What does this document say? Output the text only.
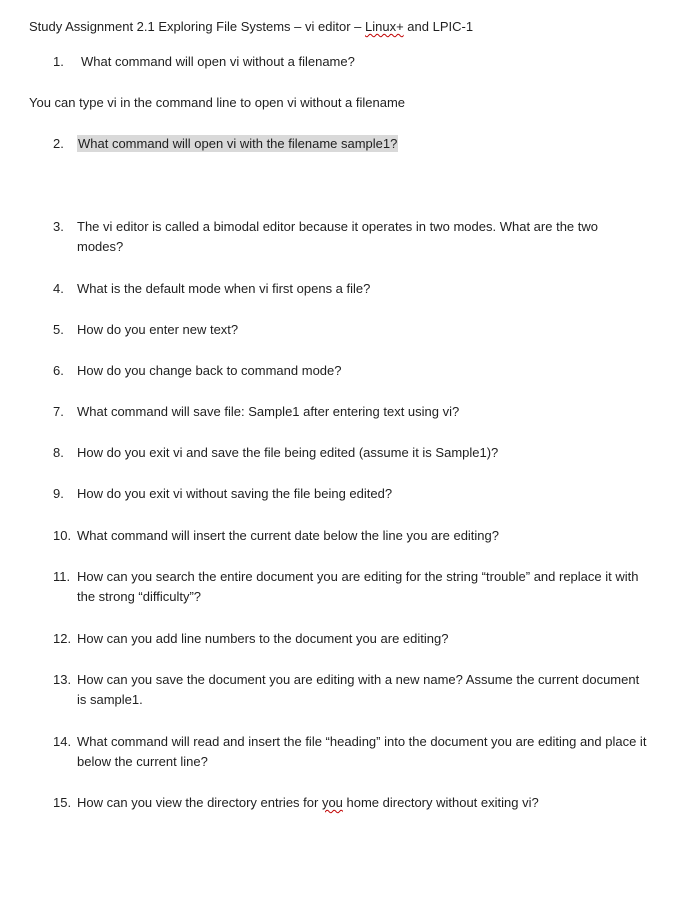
Study Assignment 2.1 Exploring File Systems – vi editor – Linux+ and LPIC-1
1. What command will open vi without a filename?
You can type vi in the command line to open vi without a filename
2. What command will open vi with the filename sample1?
3. The vi editor is called a bimodal editor because it operates in two modes. What are the two modes?
4. What is the default mode when vi first opens a file?
5. How do you enter new text?
6. How do you change back to command mode?
7. What command will save file: Sample1 after entering text using vi?
8. How do you exit vi and save the file being edited (assume it is Sample1)?
9. How do you exit vi without saving the file being edited?
10. What command will insert the current date below the line you are editing?
11. How can you search the entire document you are editing for the string “trouble” and replace it with the strong “difficulty”?
12. How can you add line numbers to the document you are editing?
13. How can you save the document you are editing with a new name? Assume the current document is sample1.
14. What command will read and insert the file “heading” into the document you are editing and place it below the current line?
15. How can you view the directory entries for you home directory without exiting vi?
